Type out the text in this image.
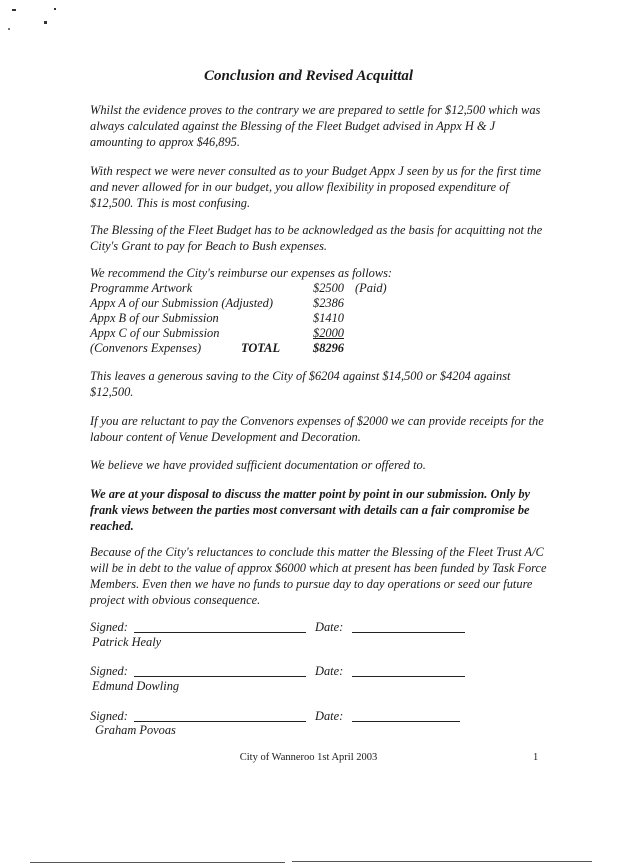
Conclusion and Revised Acquittal
Whilst the evidence proves to the contrary we are prepared to settle for $12,500 which was always calculated against the Blessing of the Fleet Budget advised in Appx H & J amounting to approx $46,895.
With respect we were never consulted as to your Budget Appx J seen by us for the first time and never allowed for in our budget, you allow flexibility in proposed expenditure of $12,500. This is most confusing.
The Blessing of the Fleet Budget has to be acknowledged as the basis for acquitting not the City's Grant to pay for Beach to Bush expenses.
We recommend the City's reimburse our expenses as follows:
Programme Artwork	$2500 (Paid)
Appx A of our Submission (Adjusted)	$2386
Appx B of our Submission	$1410
Appx C of our Submission	$2000
(Convenors Expenses)	TOTAL	$8296
This leaves a generous saving to the City of $6204 against $14,500 or $4204 against $12,500.
If you are reluctant to pay the Convenors expenses of $2000 we can provide receipts for the labour content of Venue Development and Decoration.
We believe we have provided sufficient documentation or offered to.
We are at your disposal to discuss the matter point by point in our submission. Only by frank views between the parties most conversant with details can a fair compromise be reached.
Because of the City's reluctances to conclude this matter the Blessing of the Fleet Trust A/C will be in debt to the value of approx $6000 which at present has been funded by Task Force Members. Even then we have no funds to pursue day to day operations or seed our future project with obvious consequence.
Signed:	Date:
Patrick Healy
Signed:	Date:
Edmund Dowling
Signed:	Date:
Graham Povoas
City of Wanneroo 1st April 2003	1
